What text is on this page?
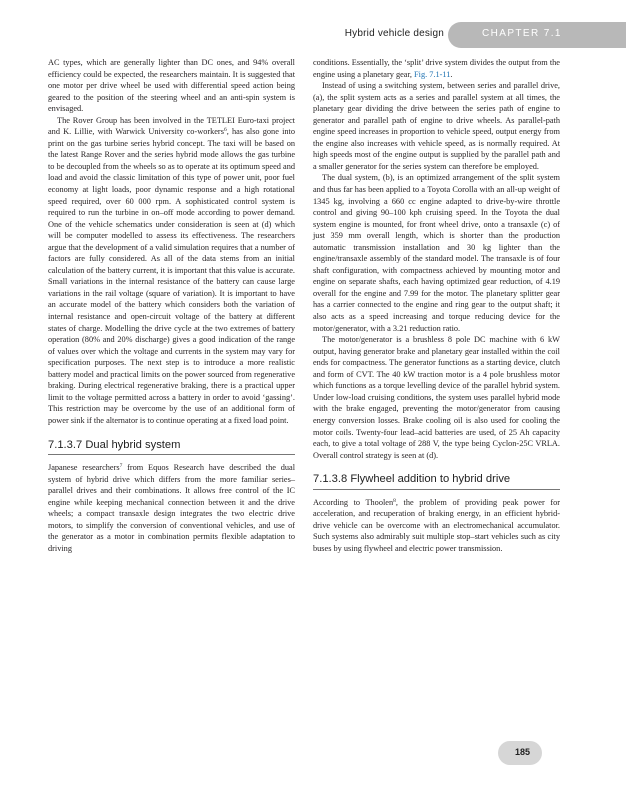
Hybrid vehicle design	CHAPTER 7.1

AC types, which are generally lighter than DC ones, and 94% overall efficiency could be expected, the researchers maintain. It is suggested that one motor per drive wheel be used with differential speed action being geared to the position of the steering wheel and an anti-spin system is envisaged.

The Rover Group has been involved in the TETLEI Euro-taxi project and K. Lillie, with Warwick University co-workers$^6$, has also gone into print on the gas turbine series hybrid concept. The taxi will be based on the latest Range Rover and the series hybrid mode allows the gas turbine to be decoupled from the wheels so as to operate at its optimum speed and load and avoid the classic limitation of this type of power unit, poor fuel economy at light loads, poor dynamic response and a high rotational speed required, over 60 000 rpm. A sophisticated control system is required to run the turbine in on–off mode according to power demand. One of the vehicle schematics under consideration is seen at (d) which will be computer modelled to assess its effectiveness. The researchers argue that the development of a valid simulation requires that a number of factors are fully considered. As all of the data stems from an initial calculation of the battery current, it is important that this value is accurate. Small variations in the internal resistance of the battery can cause large variations in the rail voltage (square of variation). It is important to have an accurate model of the battery which considers both the variation of internal resistance and open-circuit voltage of the battery at different states of charge. Modelling the drive cycle at the two extremes of battery operation (80% and 20% discharge) gives a good indication of the range of values over which the voltage and currents in the system may vary for specification purposes. The next step is to introduce a more realistic battery model and practical limits on the power sourced from regenerative braking. During electrical regenerative braking, there is a practical upper limit to the voltage permitted across a battery in order to avoid ‘gassing’. This restriction may be overcome by the use of an additional form of power sink if the alternator is to continue operating at a fixed load point.

7.1.3.7 Dual hybrid system

Japanese researchers$^7$ from Equos Research have described the dual system of hybrid drive which differs from the more familiar series–parallel drives and their combinations. It allows free control of the IC engine while keeping mechanical connection between it and the drive wheels; a compact transaxle design integrates the two electric drive motors, to simplify the conversion of conventional vehicles, and use of the generator as a motor in combination permits flexible adaptation to driving

conditions. Essentially, the ‘split’ drive system divides the output from the engine using a planetary gear, Fig. 7.1-11.

Instead of using a switching system, between series and parallel drive, (a), the split system acts as a series and parallel system at all times, the planetary gear dividing the drive between the series path of engine to generator and parallel path of engine to drive wheels. As parallel-path engine speed increases in proportion to vehicle speed, output energy from the engine also increases with vehicle speed, as is normally required. At high speeds most of the engine output is supplied by the parallel path and a smaller generator for the series system can therefore be employed.

The dual system, (b), is an optimized arrangement of the split system and thus far has been applied to a Toyota Corolla with an all-up weight of 1345 kg, involving a 660 cc engine adapted to drive-by-wire throttle control and giving 90–100 kph cruising speed. In the Toyota the dual system engine is mounted, for front wheel drive, onto a transaxle (c) of just 359 mm overall length, which is shorter than the production automatic transmission installation and 30 kg lighter than the engine/transaxle assembly of the standard model. The transaxle is of four shaft configuration, with compactness achieved by mounting motor and engine on separate shafts, each having optimized gear reduction, of 4.19 overall for the engine and 7.99 for the motor. The planetary splitter gear has a carrier connected to the engine and ring gear to the output shaft; it also acts as a speed increasing and torque reducing device for the motor/generator, with a 3.21 reduction ratio.

The motor/generator is a brushless 8 pole DC machine with 6 kW output, having generator brake and planetary gear installed within the coil ends for compactness. The generator functions as a starting device, clutch and form of CVT. The 40 kW traction motor is a 4 pole brushless motor which functions as a torque levelling device of the parallel hybrid system. Under low-load cruising conditions, the system uses parallel hybrid mode with the brake engaged, preventing the motor/generator from causing energy conversion losses. Brake cooling oil is also used for cooling the motor coils. Twenty-four lead–acid batteries are used, of 25 Ah capacity each, to give a total voltage of 288 V, the type being Cyclon-25C VRLA. Overall control strategy is seen at (d).

7.1.3.8 Flywheel addition to hybrid drive

According to Thoolen$^8$, the problem of providing peak power for acceleration, and recuperation of braking energy, in an efficient hybrid-drive vehicle can be overcome with an electromechanical accumulator. Such systems also admirably suit multiple stop–start vehicles such as city buses by using flywheel and electric power transmission.

185
